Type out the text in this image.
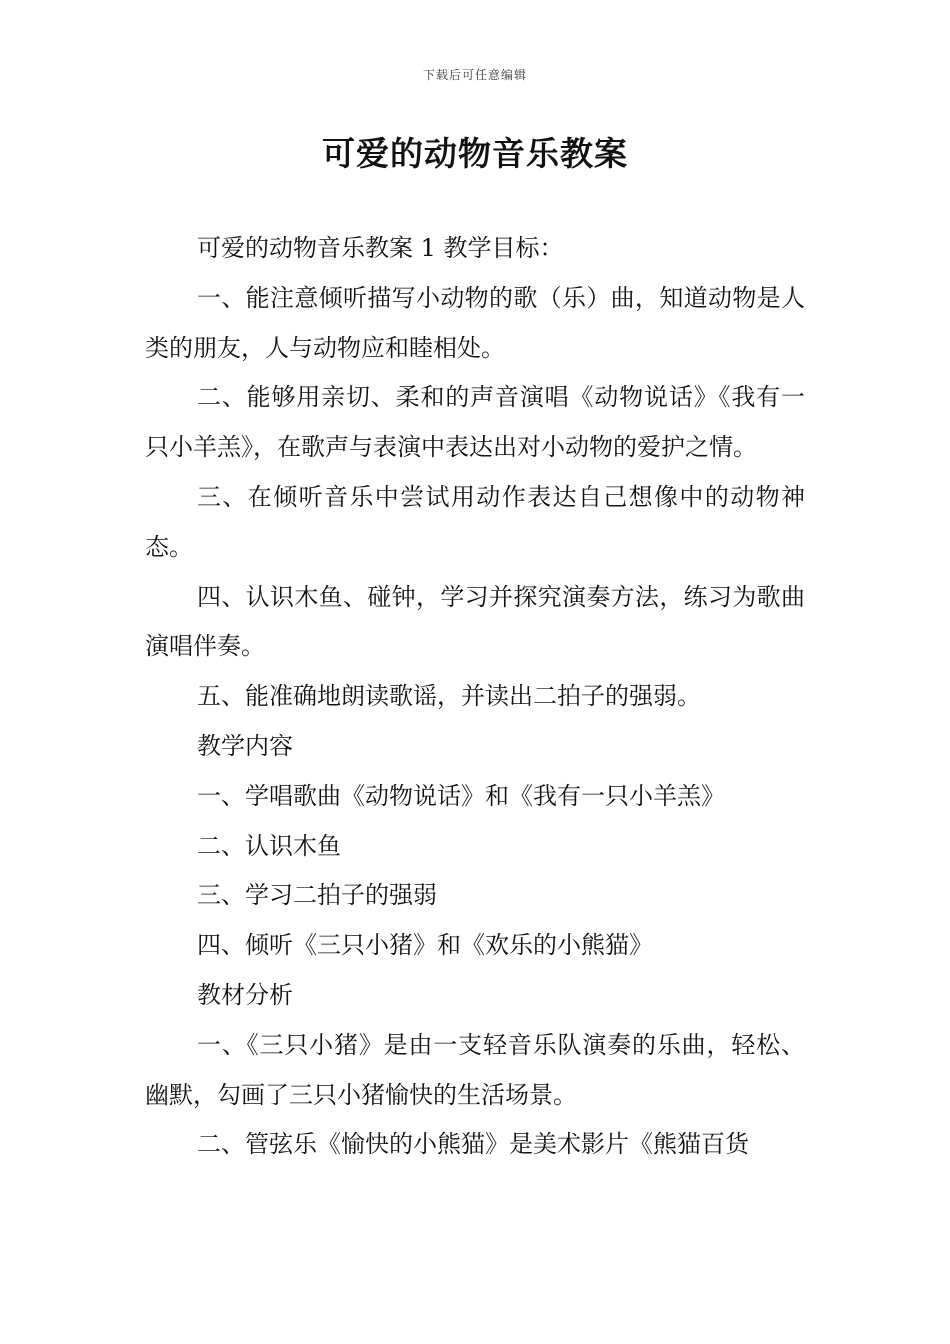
下载后可任意编辑
可爱的动物音乐教案

可爱的动物音乐教案 1 教学目标：

一、能注意倾听描写小动物的歌（乐）曲，知道动物是人类的朋友，人与动物应和睦相处。

二、能够用亲切、柔和的声音演唱《动物说话》《我有一只小羊羔》，在歌声与表演中表达出对小动物的爱护之情。

三、在倾听音乐中尝试用动作表达自己想像中的动物神态。

四、认识木鱼、碰钟，学习并探究演奏方法，练习为歌曲演唱伴奏。

五、能准确地朗读歌谣，并读出二拍子的强弱。

教学内容

一、学唱歌曲《动物说话》和《我有一只小羊羔》

二、认识木鱼

三、学习二拍子的强弱

四、倾听《三只小猪》和《欢乐的小熊猫》

教材分析

一、《三只小猪》是由一支轻音乐队演奏的乐曲，轻松、幽默，勾画了三只小猪愉快的生活场景。

二、管弦乐《愉快的小熊猫》是美术影片《熊猫百货
